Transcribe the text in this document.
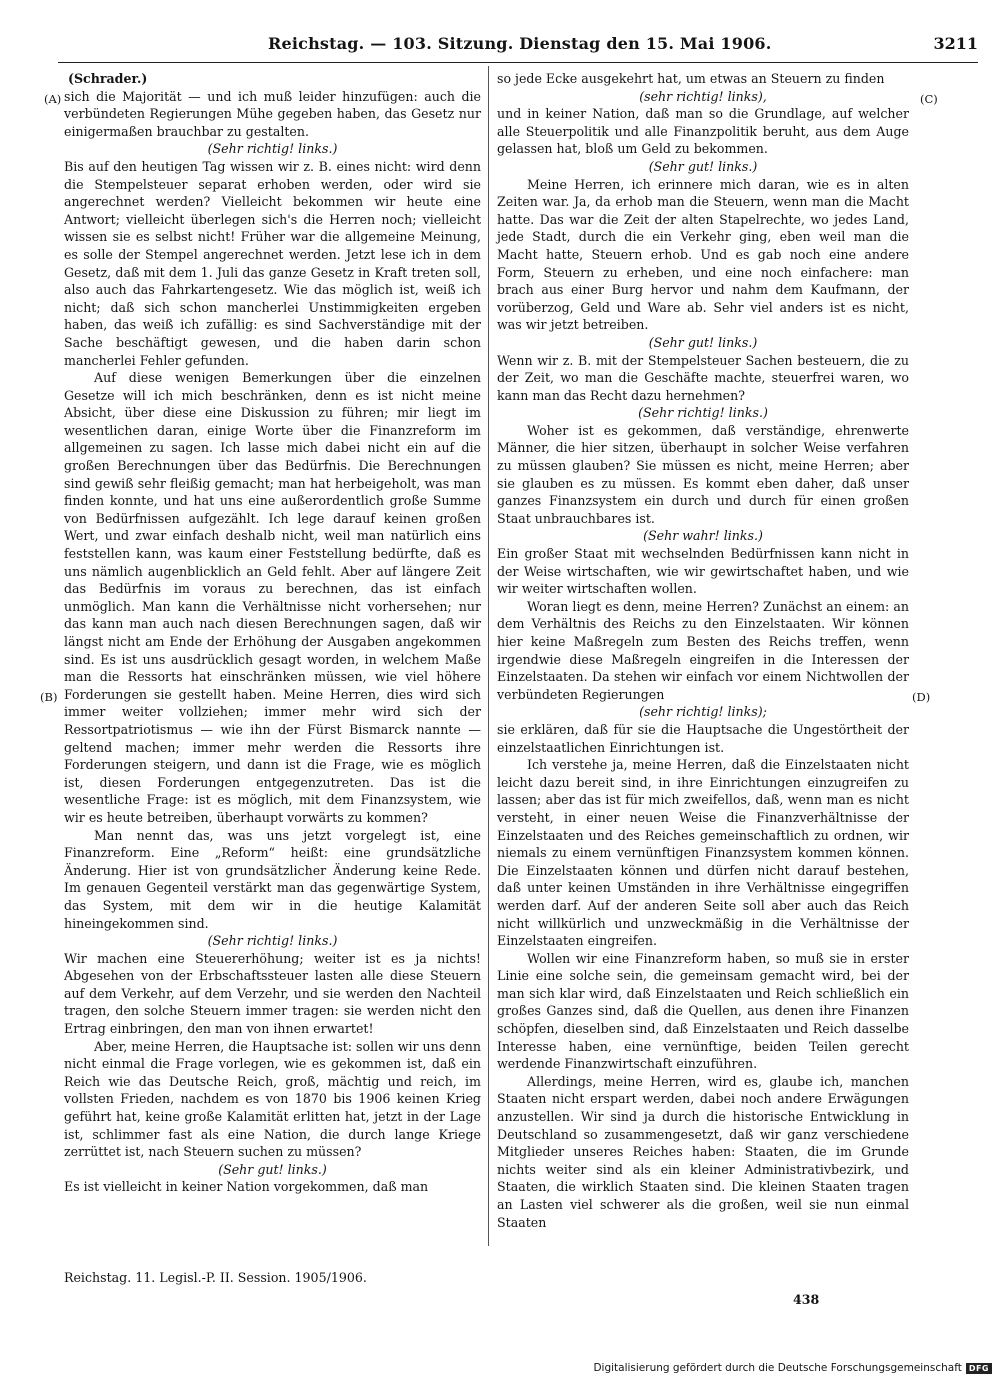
Reichstag. — 103. Sitzung. Dienstag den 15. Mai 1906.	3211
(A)
(B)
(C)
(D)

(Schrader.)

sich die Majorität — und ich muß leider hinzufügen: auch die verbündeten Regierungen Mühe gegeben haben, das Gesetz nur einigermaßen brauchbar zu gestalten.

(Sehr richtig! links.)

Bis auf den heutigen Tag wissen wir z. B. eines nicht: wird denn die Stempelsteuer separat erhoben werden, oder wird sie angerechnet werden? Vielleicht bekommen wir heute eine Antwort; vielleicht überlegen sich's die Herren noch; vielleicht wissen sie es selbst nicht! Früher war die allgemeine Meinung, es solle der Stempel angerechnet werden. Jetzt lese ich in dem Gesetz, daß mit dem 1. Juli das ganze Gesetz in Kraft treten soll, also auch das Fahrkartengesetz. Wie das möglich ist, weiß ich nicht; daß sich schon mancherlei Unstimmigkeiten ergeben haben, das weiß ich zufällig: es sind Sachverständige mit der Sache beschäftigt gewesen, und die haben darin schon mancherlei Fehler gefunden.

Auf diese wenigen Bemerkungen über die einzelnen Gesetze will ich mich beschränken, denn es ist nicht meine Absicht, über diese eine Diskussion zu führen; mir liegt im wesentlichen daran, einige Worte über die Finanzreform im allgemeinen zu sagen. Ich lasse mich dabei nicht ein auf die großen Berechnungen über das Bedürfnis. Die Berechnungen sind gewiß sehr fleißig gemacht; man hat herbeigeholt, was man finden konnte, und hat uns eine außerordentlich große Summe von Bedürfnissen aufgezählt. Ich lege darauf keinen großen Wert, und zwar einfach deshalb nicht, weil man natürlich eins feststellen kann, was kaum einer Feststellung bedürfte, daß es uns nämlich augenblicklich an Geld fehlt. Aber auf längere Zeit das Bedürfnis im voraus zu berechnen, das ist einfach unmöglich. Man kann die Verhältnisse nicht vorhersehen; nur das kann man auch nach diesen Berechnungen sagen, daß wir längst nicht am Ende der Erhöhung der Ausgaben angekommen sind. Es ist uns ausdrücklich gesagt worden, in welchem Maße man die Ressorts hat einschränken müssen, wie viel höhere Forderungen sie gestellt haben. Meine Herren, dies wird sich immer weiter vollziehen; immer mehr wird sich der Ressortpatriotismus — wie ihn der Fürst Bismarck nannte — geltend machen; immer mehr werden die Ressorts ihre Forderungen steigern, und dann ist die Frage, wie es möglich ist, diesen Forderungen entgegenzutreten. Das ist die wesentliche Frage: ist es möglich, mit dem Finanzsystem, wie wir es heute betreiben, überhaupt vorwärts zu kommen?

Man nennt das, was uns jetzt vorgelegt ist, eine Finanzreform. Eine „Reform“ heißt: eine grundsätzliche Änderung. Hier ist von grundsätzlicher Änderung keine Rede. Im genauen Gegenteil verstärkt man das gegenwärtige System, das System, mit dem wir in die heutige Kalamität hineingekommen sind.

(Sehr richtig! links.)

Wir machen eine Steuererhöhung; weiter ist es ja nichts! Abgesehen von der Erbschaftssteuer lasten alle diese Steuern auf dem Verkehr, auf dem Verzehr, und sie werden den Nachteil tragen, den solche Steuern immer tragen: sie werden nicht den Ertrag einbringen, den man von ihnen erwartet!

Aber, meine Herren, die Hauptsache ist: sollen wir uns denn nicht einmal die Frage vorlegen, wie es gekommen ist, daß ein Reich wie das Deutsche Reich, groß, mächtig und reich, im vollsten Frieden, nachdem es von 1870 bis 1906 keinen Krieg geführt hat, keine große Kalamität erlitten hat, jetzt in der Lage ist, schlimmer fast als eine Nation, die durch lange Kriege zerrüttet ist, nach Steuern suchen zu müssen?

(Sehr gut! links.)

Es ist vielleicht in keiner Nation vorgekommen, daß man

so jede Ecke ausgekehrt hat, um etwas an Steuern zu finden

(sehr richtig! links),

und in keiner Nation, daß man so die Grundlage, auf welcher alle Steuerpolitik und alle Finanzpolitik beruht, aus dem Auge gelassen hat, bloß um Geld zu bekommen.

(Sehr gut! links.)

Meine Herren, ich erinnere mich daran, wie es in alten Zeiten war. Ja, da erhob man die Steuern, wenn man die Macht hatte. Das war die Zeit der alten Stapelrechte, wo jedes Land, jede Stadt, durch die ein Verkehr ging, eben weil man die Macht hatte, Steuern erhob. Und es gab noch eine andere Form, Steuern zu erheben, und eine noch einfachere: man brach aus einer Burg hervor und nahm dem Kaufmann, der vorüberzog, Geld und Ware ab. Sehr viel anders ist es nicht, was wir jetzt betreiben.

(Sehr gut! links.)

Wenn wir z. B. mit der Stempelsteuer Sachen besteuern, die zu der Zeit, wo man die Geschäfte machte, steuerfrei waren, wo kann man das Recht dazu hernehmen?

(Sehr richtig! links.)

Woher ist es gekommen, daß verständige, ehrenwerte Männer, die hier sitzen, überhaupt in solcher Weise verfahren zu müssen glauben? Sie müssen es nicht, meine Herren; aber sie glauben es zu müssen. Es kommt eben daher, daß unser ganzes Finanzsystem ein durch und durch für einen großen Staat unbrauchbares ist.

(Sehr wahr! links.)

Ein großer Staat mit wechselnden Bedürfnissen kann nicht in der Weise wirtschaften, wie wir gewirtschaftet haben, und wie wir weiter wirtschaften wollen.

Woran liegt es denn, meine Herren? Zunächst an einem: an dem Verhältnis des Reichs zu den Einzelstaaten. Wir können hier keine Maßregeln zum Besten des Reichs treffen, wenn irgendwie diese Maßregeln eingreifen in die Interessen der Einzelstaaten. Da stehen wir einfach vor einem Nichtwollen der verbündeten Regierungen

(sehr richtig! links);

sie erklären, daß für sie die Hauptsache die Ungestörtheit der einzelstaatlichen Einrichtungen ist.

Ich verstehe ja, meine Herren, daß die Einzelstaaten nicht leicht dazu bereit sind, in ihre Einrichtungen einzugreifen zu lassen; aber das ist für mich zweifellos, daß, wenn man es nicht versteht, in einer neuen Weise die Finanzverhältnisse der Einzelstaaten und des Reiches gemeinschaftlich zu ordnen, wir niemals zu einem vernünftigen Finanzsystem kommen können. Die Einzelstaaten können und dürfen nicht darauf bestehen, daß unter keinen Umständen in ihre Verhältnisse eingegriffen werden darf. Auf der anderen Seite soll aber auch das Reich nicht willkürlich und unzweckmäßig in die Verhältnisse der Einzelstaaten eingreifen.

Wollen wir eine Finanzreform haben, so muß sie in erster Linie eine solche sein, die gemeinsam gemacht wird, bei der man sich klar wird, daß Einzelstaaten und Reich schließlich ein großes Ganzes sind, daß die Quellen, aus denen ihre Finanzen schöpfen, dieselben sind, daß Einzelstaaten und Reich dasselbe Interesse haben, eine vernünftige, beiden Teilen gerecht werdende Finanzwirtschaft einzuführen.

Allerdings, meine Herren, wird es, glaube ich, manchen Staaten nicht erspart werden, dabei noch andere Erwägungen anzustellen. Wir sind ja durch die historische Entwicklung in Deutschland so zusammengesetzt, daß wir ganz verschiedene Mitglieder unseres Reiches haben: Staaten, die im Grunde nichts weiter sind als ein kleiner Administrativbezirk, und Staaten, die wirklich Staaten sind. Die kleinen Staaten tragen an Lasten viel schwerer als die großen, weil sie nun einmal Staaten

Reichstag. 11. Legisl.-P. II. Session. 1905/1906.
438
Digitalisierung gefördert durch die Deutsche Forschungsgemeinschaft DFG
